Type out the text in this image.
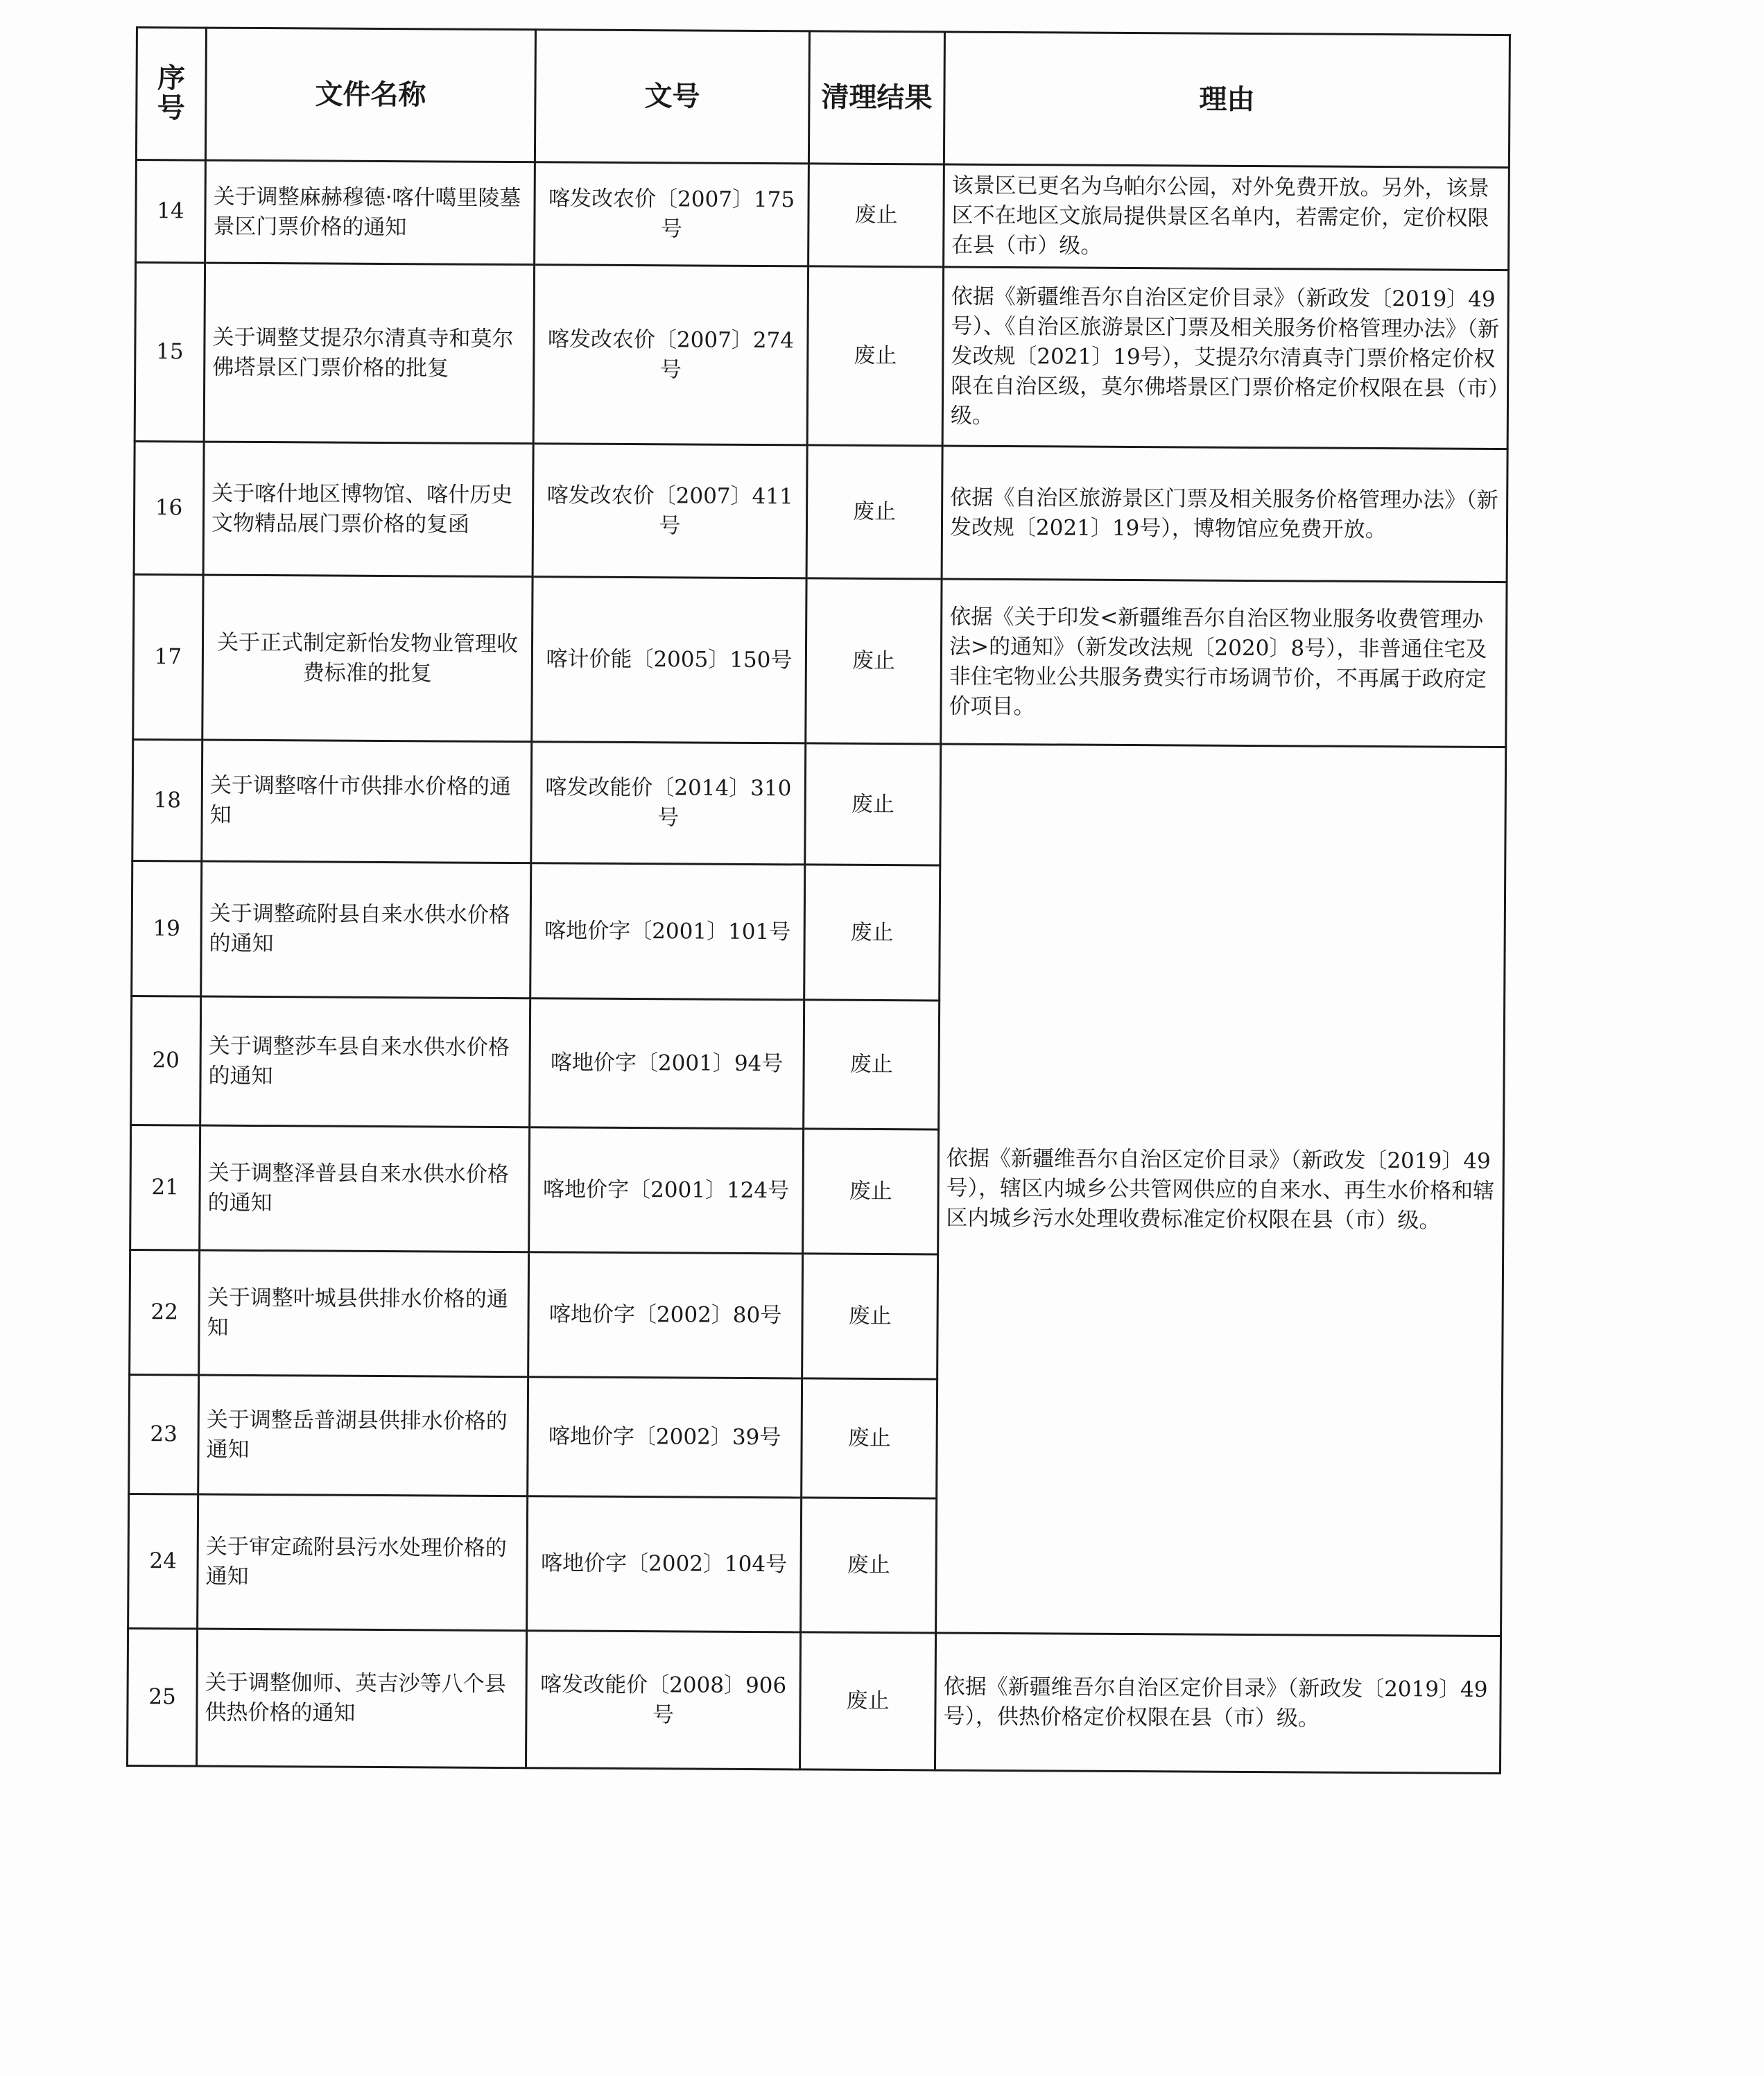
序号	文件名称	文号	清理结果	理由
14	关于调整麻赫穆德·喀什噶里陵墓景区门票价格的通知	喀发改农价〔2007〕175号	废止	该景区已更名为乌帕尔公园，对外免费开放。另外，该景区不在地区文旅局提供景区名单内，若需定价，定价权限在县（市）级。
15	关于调整艾提尕尔清真寺和莫尔佛塔景区门票价格的批复	喀发改农价〔2007〕274号	废止	依据《新疆维吾尔自治区定价目录》（新政发〔2019〕49号）、《自治区旅游景区门票及相关服务价格管理办法》（新发改规〔2021〕19号），艾提尕尔清真寺门票价格定价权限在自治区级，莫尔佛塔景区门票价格定价权限在县（市）级。
16	关于喀什地区博物馆、喀什历史文物精品展门票价格的复函	喀发改农价〔2007〕411号	废止	依据《自治区旅游景区门票及相关服务价格管理办法》（新发改规〔2021〕19号），博物馆应免费开放。
17	关于正式制定新怡发物业管理收费标准的批复	喀计价能〔2005〕150号	废止	依据《关于印发<新疆维吾尔自治区物业服务收费管理办法>的通知》（新发改法规〔2020〕8号），非普通住宅及非住宅物业公共服务费实行市场调节价，不再属于政府定价项目。
18	关于调整喀什市供排水价格的通知	喀发改能价〔2014〕310号	废止	依据《新疆维吾尔自治区定价目录》（新政发〔2019〕49号），辖区内城乡公共管网供应的自来水、再生水价格和辖区内城乡污水处理收费标准定价权限在县（市）级。
19	关于调整疏附县自来水供水价格的通知	喀地价字〔2001〕101号	废止	
20	关于调整莎车县自来水供水价格的通知	喀地价字〔2001〕94号	废止	
21	关于调整泽普县自来水供水价格的通知	喀地价字〔2001〕124号	废止	
22	关于调整叶城县供排水价格的通知	喀地价字〔2002〕80号	废止	
23	关于调整岳普湖县供排水价格的通知	喀地价字〔2002〕39号	废止	
24	关于审定疏附县污水处理价格的通知	喀地价字〔2002〕104号	废止	
25	关于调整伽师、英吉沙等八个县供热价格的通知	喀发改能价〔2008〕906号	废止	依据《新疆维吾尔自治区定价目录》（新政发〔2019〕49号），供热价格定价权限在县（市）级。
